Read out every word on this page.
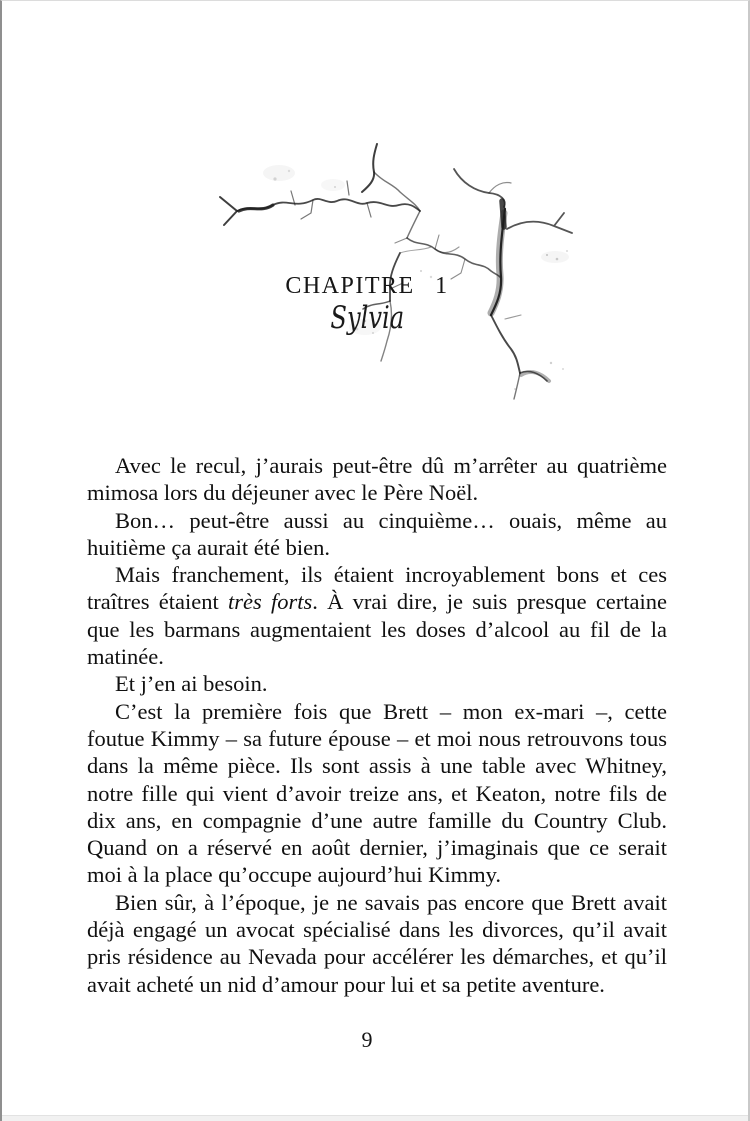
CHAPITRE 1
Sylvia

Avec le recul, j’aurais peut-être dû m’arrêter au quatrième mimosa lors du déjeuner avec le Père Noël.

Bon… peut-être aussi au cinquième… ouais, même au huitième ça aurait été bien.

Mais franchement, ils étaient incroyablement bons et ces traîtres étaient très forts. À vrai dire, je suis presque certaine que les barmans augmentaient les doses d’alcool au fil de la matinée.

Et j’en ai besoin.

C’est la première fois que Brett – mon ex-mari –, cette foutue Kimmy – sa future épouse – et moi nous retrouvons tous dans la même pièce. Ils sont assis à une table avec Whitney, notre fille qui vient d’avoir treize ans, et Keaton, notre fils de dix ans, en compagnie d’une autre famille du Country Club. Quand on a réservé en août dernier, j’imaginais que ce serait moi à la place qu’occupe aujourd’hui Kimmy.

Bien sûr, à l’époque, je ne savais pas encore que Brett avait déjà engagé un avocat spécialisé dans les divorces, qu’il avait pris résidence au Nevada pour accélérer les démarches, et qu’il avait acheté un nid d’amour pour lui et sa petite aventure.

9
